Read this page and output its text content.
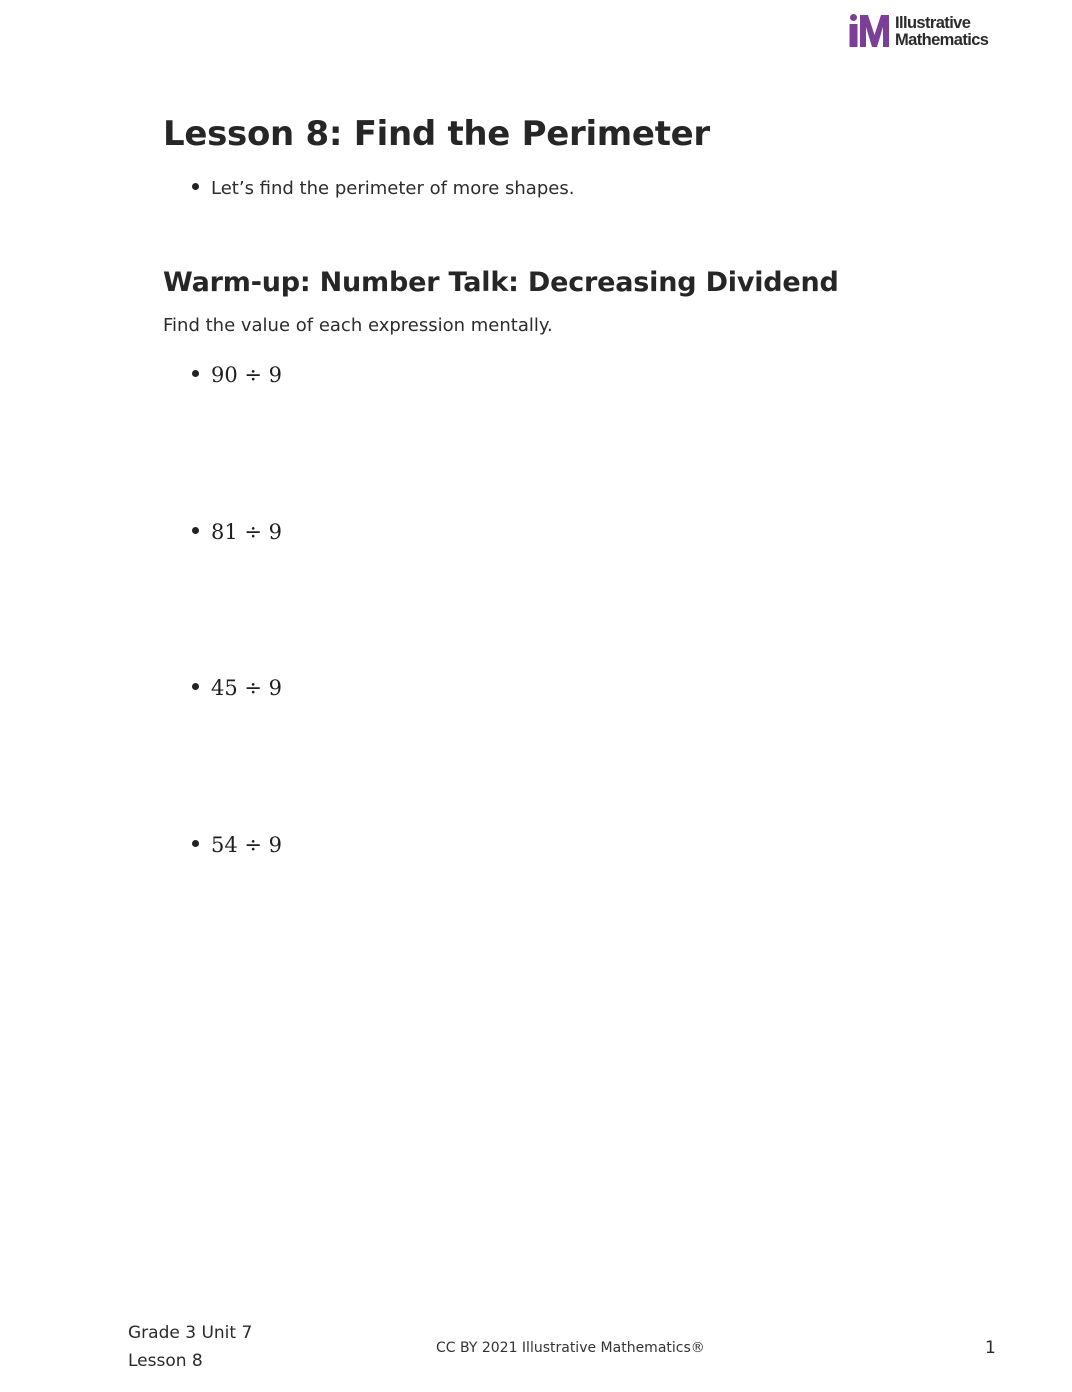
Illustrative
Mathematics
Lesson 8: Find the Perimeter
Let’s find the perimeter of more shapes.
Warm-up: Number Talk: Decreasing Dividend

Find the value of each expression mentally.

90 ÷ 9
81 ÷ 9
45 ÷ 9
54 ÷ 9
Grade 3 Unit 7
Lesson 8
CC BY 2021 Illustrative Mathematics®	1
